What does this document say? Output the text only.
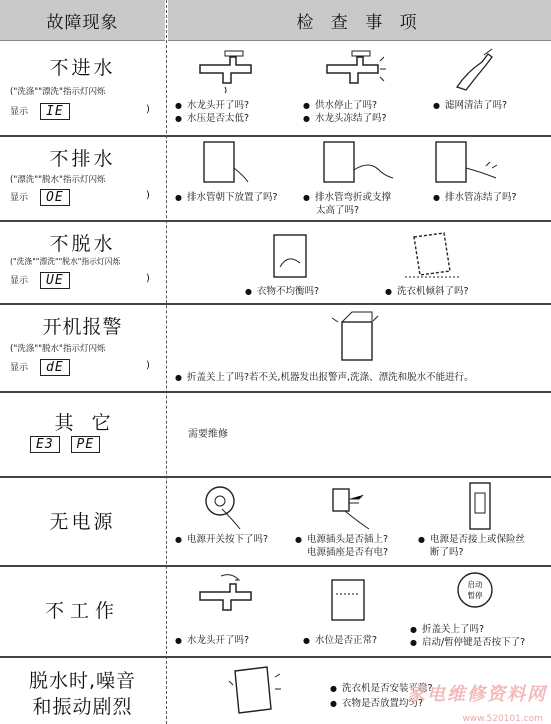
故障现象	检 查 事 项
不进水
("洗涤""漂洗"指示灯闪烁
显示 IE	)	● 水龙头开了吗?
● 水压是否太低?
● 供水停止了吗?
● 水龙头冻结了吗?
● 滤网清洁了吗?
不排水
("漂洗""脱水"指示灯闪烁
显示 OE	)	● 排水管朝下放置了吗?	● 排水管弯折或支撑
太高了吗?
● 排水管冻结了吗?
不脱水
("洗涤""漂洗""脱水"指示灯闪烁
显示 UE	)
● 衣物不均衡吗?	● 洗衣机倾斜了吗?
开机报警
("洗涤""脱水"指示灯闪烁
显示 dE	)
● 折盖关上了吗?若不关,机器发出报警声,洗涤、漂洗和脱水不能进行。
其它
E3 PE
需要维修
无电源
● 电源开关按下了吗?	● 电源插头是否插上?
电源插座是否有电?
● 电源是否接上或保险丝
断了吗?
不工作
启动
暂停
● 水龙头开了吗?	● 水位是否正常?
● 折盖关上了吗?
● 启动/暂停键是否按下了?
脱水时,噪音
和振动剧烈
● 洗衣机是否安装平稳?
● 衣物是否放置均匀?
家电维修资料网
www.520101.com
